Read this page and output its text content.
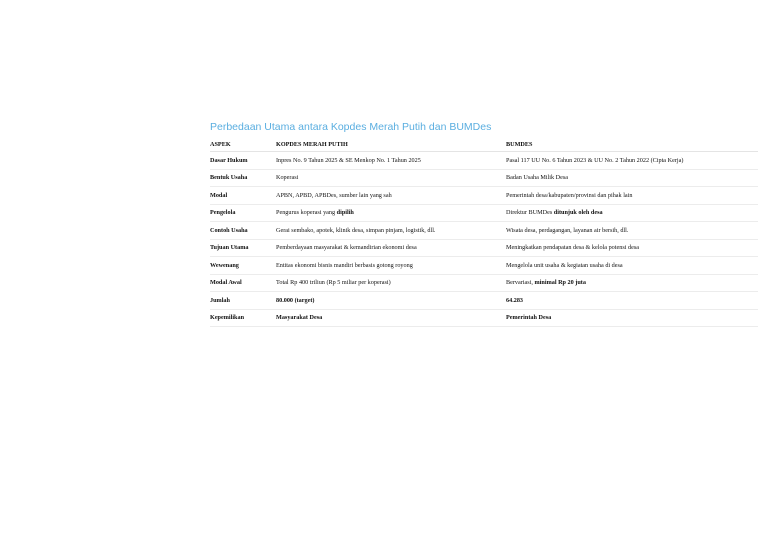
Perbedaan Utama antara Kopdes Merah Putih dan BUMDes
ASPEK	KOPDES MERAH PUTIH	BUMDES
Dasar Hukum	Inpres No. 9 Tahun 2025 & SE Menkop No. 1 Tahun 2025	Pasal 117 UU No. 6 Tahun 2023 & UU No. 2 Tahun 2022 (Cipta Kerja)
Bentuk Usaha	Koperasi	Badan Usaha Milik Desa
Modal	APBN, APBD, APBDes, sumber lain yang sah	Pemerintah desa/kabupaten/provinsi dan pihak lain
Pengelola	Pengurus koperasi yang dipilih	Direktur BUMDes ditunjuk oleh desa
Contoh Usaha	Gerai sembako, apotek, klinik desa, simpan pinjam, logistik, dll.	Wisata desa, perdagangan, layanan air bersih, dll.
Tujuan Utama	Pemberdayaan masyarakat & kemandirian ekonomi desa	Meningkatkan pendapatan desa & kelola potensi desa
Wewenang	Entitas ekonomi bisnis mandiri berbasis gotong royong	Mengelola unit usaha & kegiatan usaha di desa
Modal Awal	Total Rp 400 triliun (Rp 5 miliar per koperasi)	Bervariasi, minimal Rp 20 juta
Jumlah	80.000 (target)	64.283
Kepemilikan	Masyarakat Desa	Pemerintah Desa
